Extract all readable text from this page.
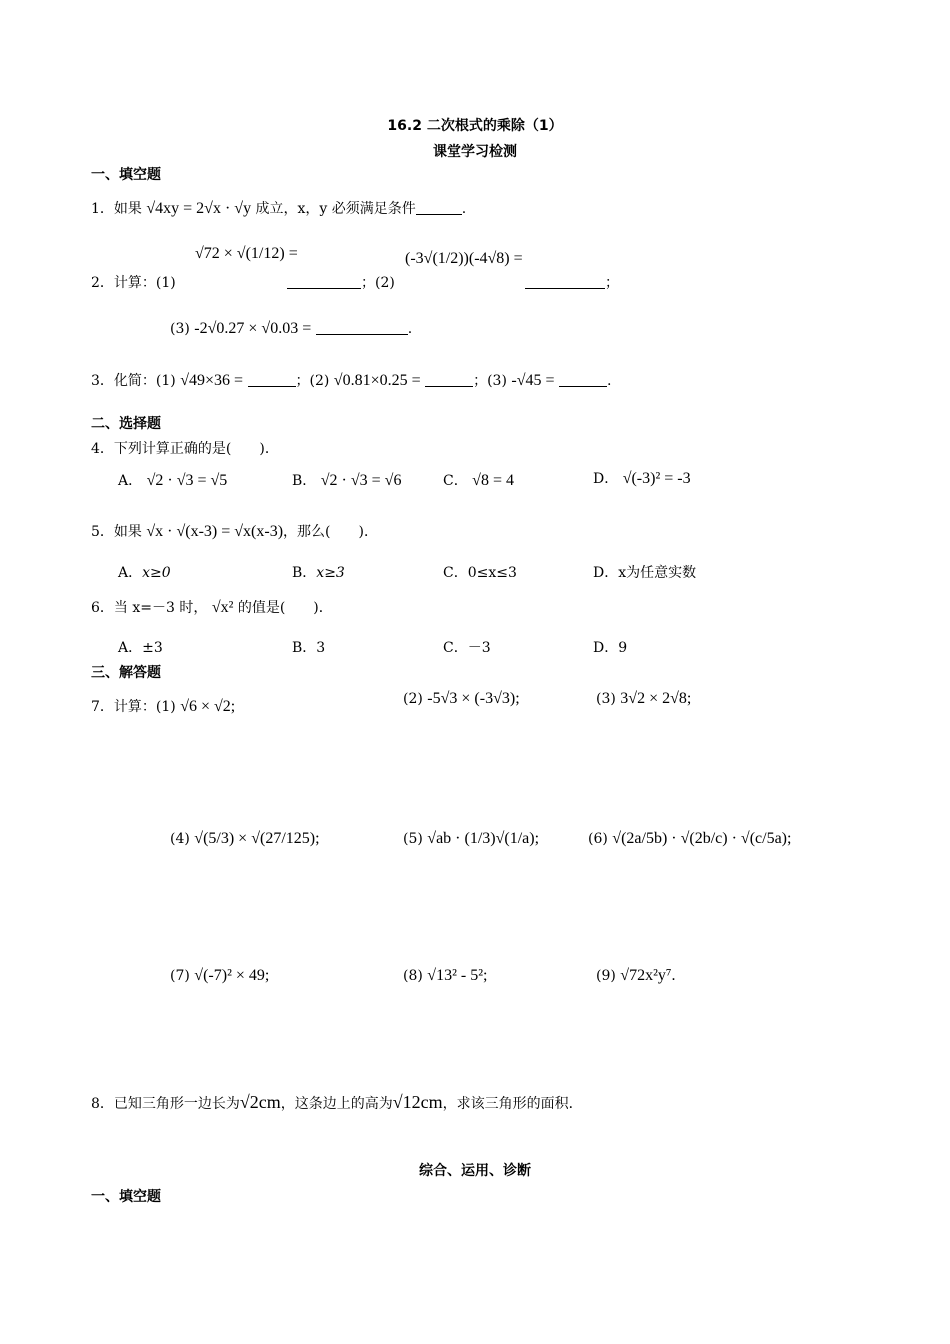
16.2 二次根式的乘除（1）
课堂学习检测
一、填空题
1．如果 √4xy = 2√x · √y 成立，x，y 必须满足条件	.
2．计算：(1)
√72 × √(1/12) =
；(2)
(-3√(1/2))(-4√8) =
；
(3) -2√0.27 × √0.03 =	.
3．化简：(1) √49×36 =	；(2) √0.81×0.25 =	；(3) -√45 =	.
二、选择题
4．下列计算正确的是(　　)．
A． √2 · √3 = √5	B． √2 · √3 = √6	C． √8 = 4	D． √(-3)² = -3
5．如果 √x · √(x-3) = √x(x-3)，那么(　　)．
A．x≥0	B．x≥3	C．0≤x≤3	D．x为任意实数
6．当 x=－3 时， √x² 的值是(　　)．
A．±3	B．3	C．－3	D．9
三、解答题
7．计算：(1) √6 × √2;	(2) -5√3 × (-3√3);	(3) 3√2 × 2√8;
(4) √(5/3) × √(27/125);	(5) √ab · (1/3)√(1/a);	(6) √(2a/5b) · √(2b/c) · √(c/5a);
(7) √(-7)² × 49;	(8) √13² - 5²;	(9) √72x²y⁷.
8．已知三角形一边长为√2cm，这条边上的高为√12cm，求该三角形的面积．
综合、运用、诊断
一、填空题
